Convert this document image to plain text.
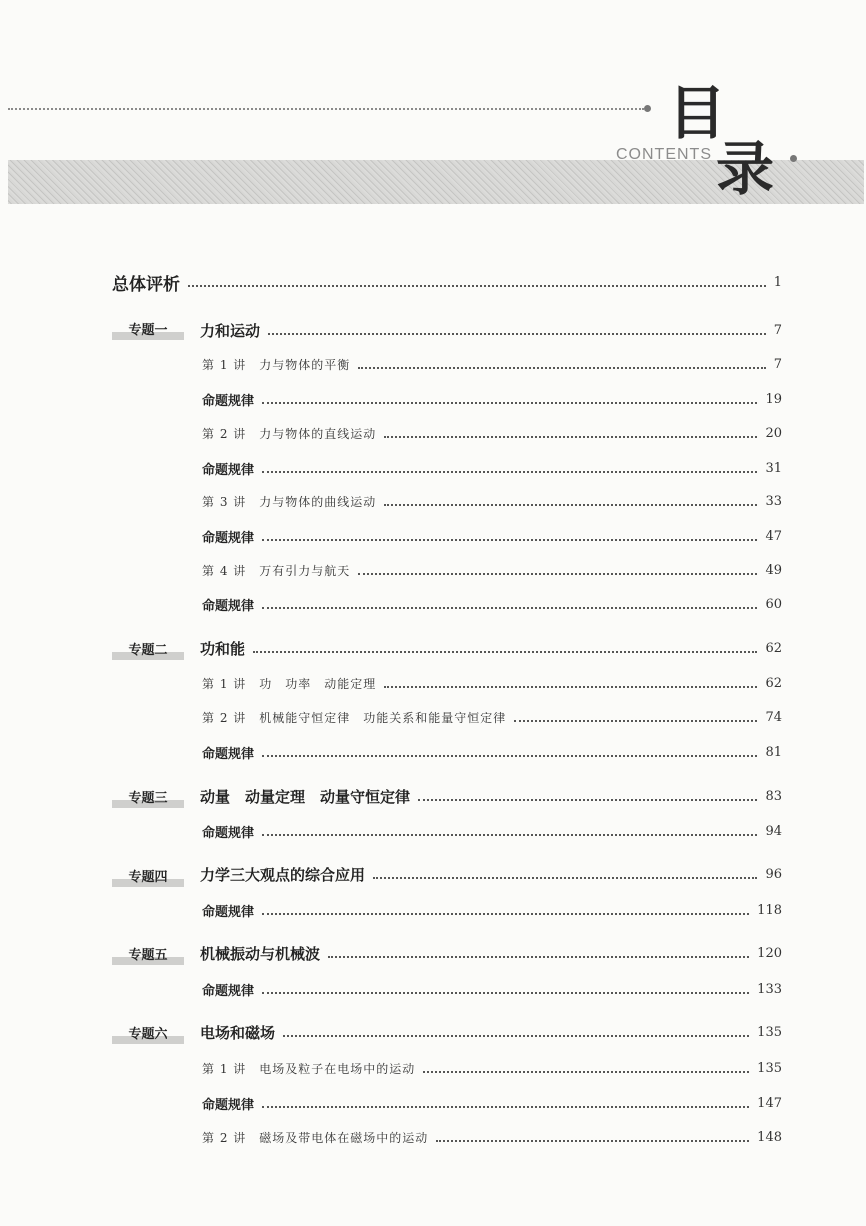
CONTENTS
目
录
总体评析	1
专题一	力和运动	7
第 1 讲　力与物体的平衡	7
命题规律	19
第 2 讲　力与物体的直线运动	20
命题规律	31
第 3 讲　力与物体的曲线运动	33
命题规律	47
第 4 讲　万有引力与航天	49
命题规律	60
专题二	功和能	62
第 1 讲　功　功率　动能定理	62
第 2 讲　机械能守恒定律　功能关系和能量守恒定律	74
命题规律	81
专题三	动量　动量定理　动量守恒定律	83
命题规律	94
专题四	力学三大观点的综合应用	96
命题规律	118
专题五	机械振动与机械波	120
命题规律	133
专题六	电场和磁场	135
第 1 讲　电场及粒子在电场中的运动	135
命题规律	147
第 2 讲　磁场及带电体在磁场中的运动	148
